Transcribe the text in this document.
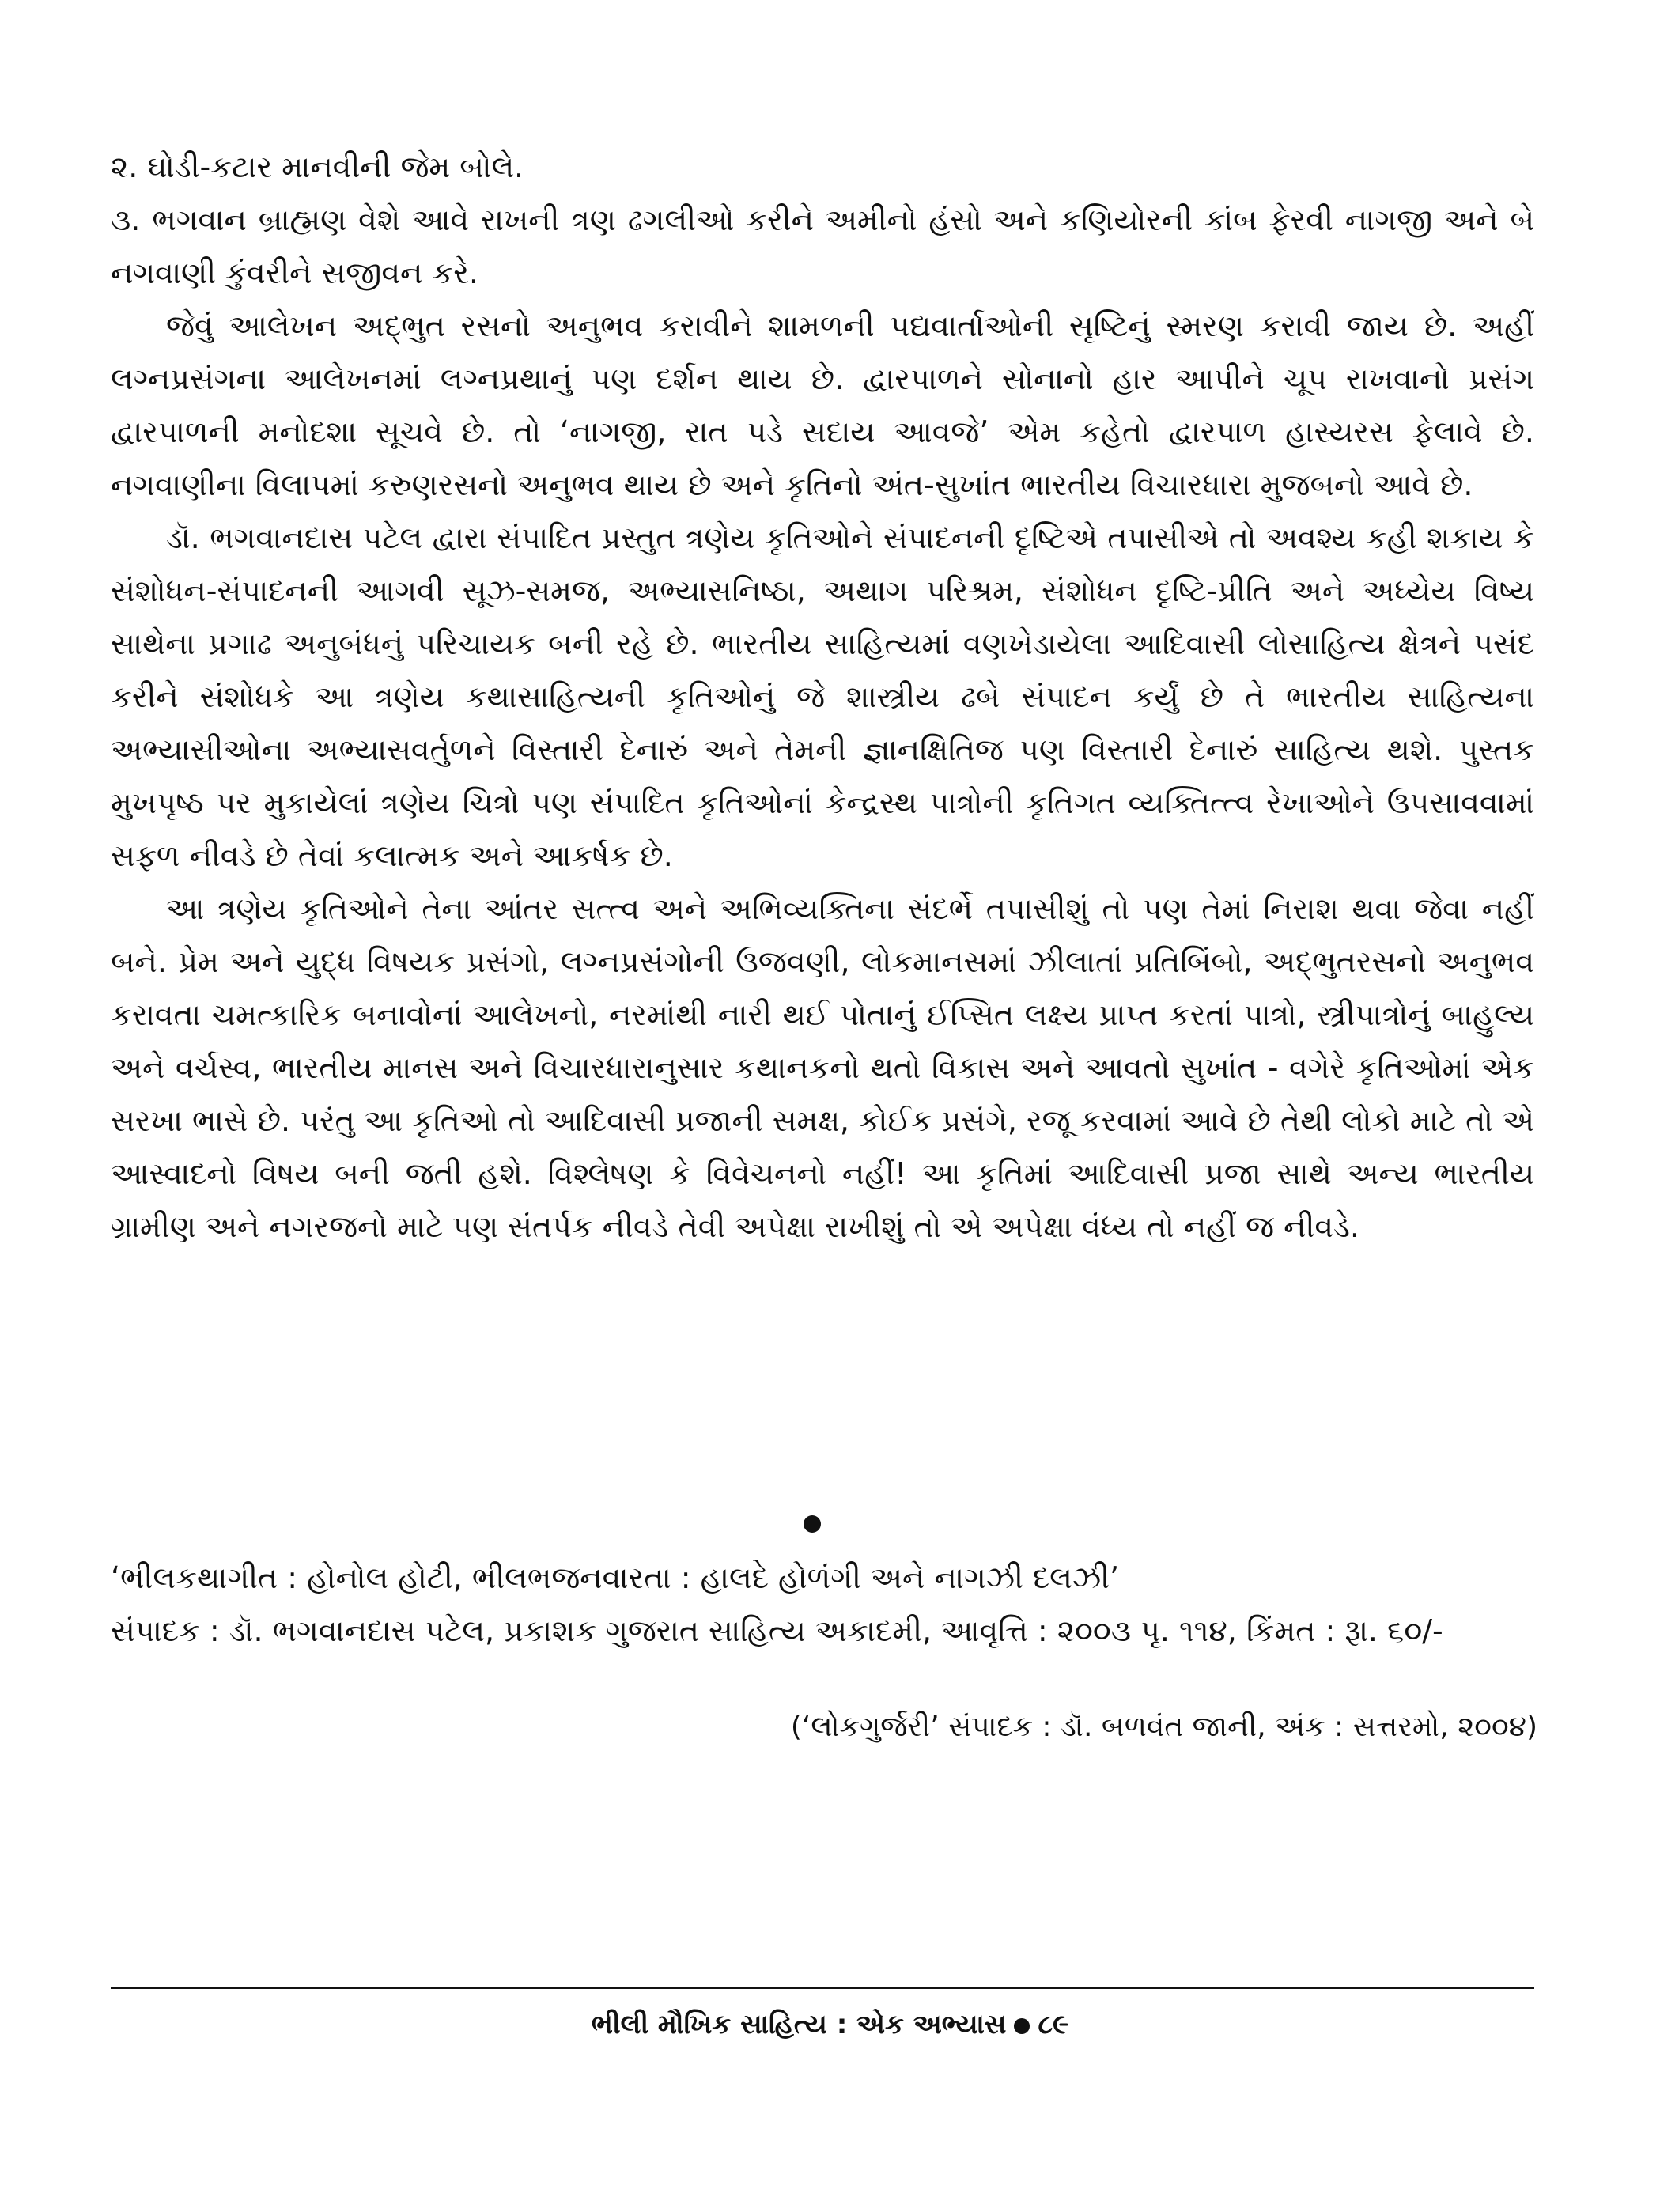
૨. ઘોડી-કટાર માનવીની જેમ બોલે.

૩. ભગવાન બ્રાહ્મણ વેશે આવે રાખની ત્રણ ઢગલીઓ કરીને અમીનો હંસો અને કણિયોરની કાંબ ફેરવી નાગજી અને બે નગવાણી કુંવરીને સજીવન કરે.

જેવું આલેખન અદ્ભુત રસનો અનુભવ કરાવીને શામળની પદ્યવાર્તાઓની સૃષ્ટિનું સ્મરણ કરાવી જાય છે. અહીં લગ્નપ્રસંગના આલેખનમાં લગ્નપ્રથાનું પણ દર્શન થાય છે. દ્વારપાળને સોનાનો હાર આપીને ચૂપ રાખવાનો પ્રસંગ દ્વારપાળની મનોદશા સૂચવે છે. તો ‘નાગજી, રાત પડે સદાય આવજે’ એમ કહેતો દ્વારપાળ હાસ્યરસ ફેલાવે છે. નગવાણીના વિલાપમાં કરુણરસનો અનુભવ થાય છે અને કૃતિનો અંત-સુખાંત ભારતીય વિચારધારા મુજબનો આવે છે.

ડૉ. ભગવાનદાસ પટેલ દ્વારા સંપાદિત પ્રસ્તુત ત્રણેય કૃતિઓને સંપાદનની દૃષ્ટિએ તપાસીએ તો અવશ્ય કહી શકાય કે સંશોધન-સંપાદનની આગવી સૂઝ-સમજ, અભ્યાસનિષ્ઠા, અથાગ પરિશ્રમ, સંશોધન દૃષ્ટિ-પ્રીતિ અને અધ્યેય વિષ્ય સાથેના પ્રગાઢ અનુબંધનું પરિચાયક બની રહે છે. ભારતીય સાહિત્યમાં વણખેડાયેલા આદિવાસી લોસાહિત્ય ક્ષેત્રને પસંદ કરીને સંશોધકે આ ત્રણેય કથાસાહિત્યની કૃતિઓનું જે શાસ્ત્રીય ઢબે સંપાદન કર્યું છે તે ભારતીય સાહિત્યના અભ્યાસીઓના અભ્યાસવર્તુળને વિસ્તારી દેનારું અને તેમની જ્ઞાનક્ષિતિજ પણ વિસ્તારી દેનારું સાહિત્ય થશે. પુસ્તક મુખપૃષ્ઠ પર મુકાયેલાં ત્રણેય ચિત્રો પણ સંપાદિત કૃતિઓનાં કેન્દ્રસ્થ પાત્રોની કૃતિગત વ્યક્તિત્ત્વ રેખાઓને ઉપસાવવામાં સફળ નીવડે છે તેવાં કલાત્મક અને આકર્ષક છે.

આ ત્રણેય કૃતિઓને તેના આંતર સત્ત્વ અને અભિવ્યક્તિના સંદર્ભે તપાસીશું તો પણ તેમાં નિરાશ થવા જેવા નહીં બને. પ્રેમ અને યુદ્ધ વિષયક પ્રસંગો, લગ્નપ્રસંગોની ઉજવણી, લોકમાનસમાં ઝીલાતાં પ્રતિબિંબો, અદ્ભુતરસનો અનુભવ કરાવતા ચમત્કારિક બનાવોનાં આલેખનો, નરમાંથી નારી થઈ પોતાનું ઈપ્સિત લક્ષ્ય પ્રાપ્ત કરતાં પાત્રો, સ્ત્રીપાત્રોનું બાહુલ્ય અને વર્ચસ્વ, ભારતીય માનસ અને વિચારધારાનુસાર કથાનકનો થતો વિકાસ અને આવતો સુખાંત - વગેરે કૃતિઓમાં એક સરખા ભાસે છે. પરંતુ આ કૃતિઓ તો આદિવાસી પ્રજાની સમક્ષ, કોઈક પ્રસંગે, રજૂ કરવામાં આવે છે તેથી લોકો માટે તો એ આસ્વાદનો વિષય બની જતી હશે. વિશ્લેષણ કે વિવેચનનો નહીં! આ કૃતિમાં આદિવાસી પ્રજા સાથે અન્ય ભારતીય ગ્રામીણ અને નગરજનો માટે પણ સંતર્પક નીવડે તેવી અપેક્ષા રાખીશું તો એ અપેક્ષા વંધ્ય તો નહીં જ નીવડે.

‘ભીલકથાગીત : હોનોલ હોટી, ભીલભજનવારતા : હાલદે હોળંગી અને નાગઝી દલઝી’

સંપાદક : ડૉ. ભગવાનદાસ પટેલ, પ્રકાશક ગુજરાત સાહિત્ય અકાદમી, આવૃત્તિ : ૨૦૦૩ પૃ. ૧૧૪, કિંમત : રૂા. ૬૦/-

(‘લોકગુર્જરી’ સંપાદક : ડૉ. બળવંત જાની, અંક : સત્તરમો, ૨૦૦૪)
ભીલી મૌખિક સાહિત્ય : એક અભ્યાસ ૮૯
